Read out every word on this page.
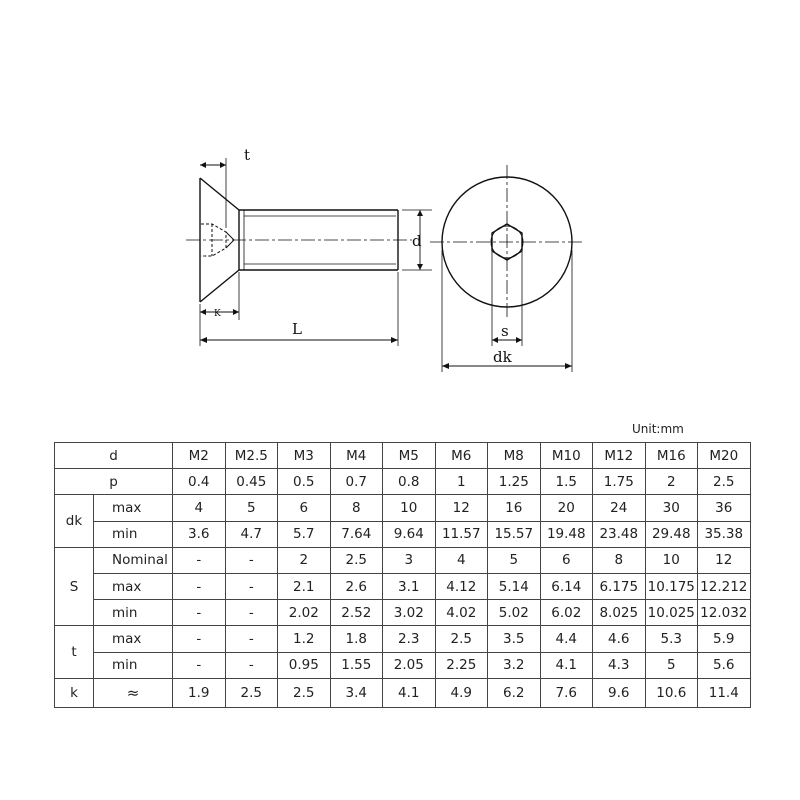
t
d
K
L	s
dk
Unit:mm
d		M2	M2.5	M3	M4	M5	M6	M8	M10	M12	M16	M20
p		0.4	0.45	0.5	0.7	0.8	1	1.25	1.5	1.75	2	2.5
dk	max	4	5	6	8	10	12	16	20	24	30	36
	min	3.6	4.7	5.7	7.64	9.64	11.57	15.57	19.48	23.48	29.48	35.38
S	Nominal	-	-	2	2.5	3	4	5	6	8	10	12
	max	-	-	2.1	2.6	3.1	4.12	5.14	6.14	6.175	10.175	12.212
	min	-	-	2.02	2.52	3.02	4.02	5.02	6.02	8.025	10.025	12.032
t	max	-	-	1.2	1.8	2.3	2.5	3.5	4.4	4.6	5.3	5.9
	min	-	-	0.95	1.55	2.05	2.25	3.2	4.1	4.3	5	5.6
k	≈	1.9	2.5	2.5	3.4	4.1	4.9	6.2	7.6	9.6	10.6	11.4
